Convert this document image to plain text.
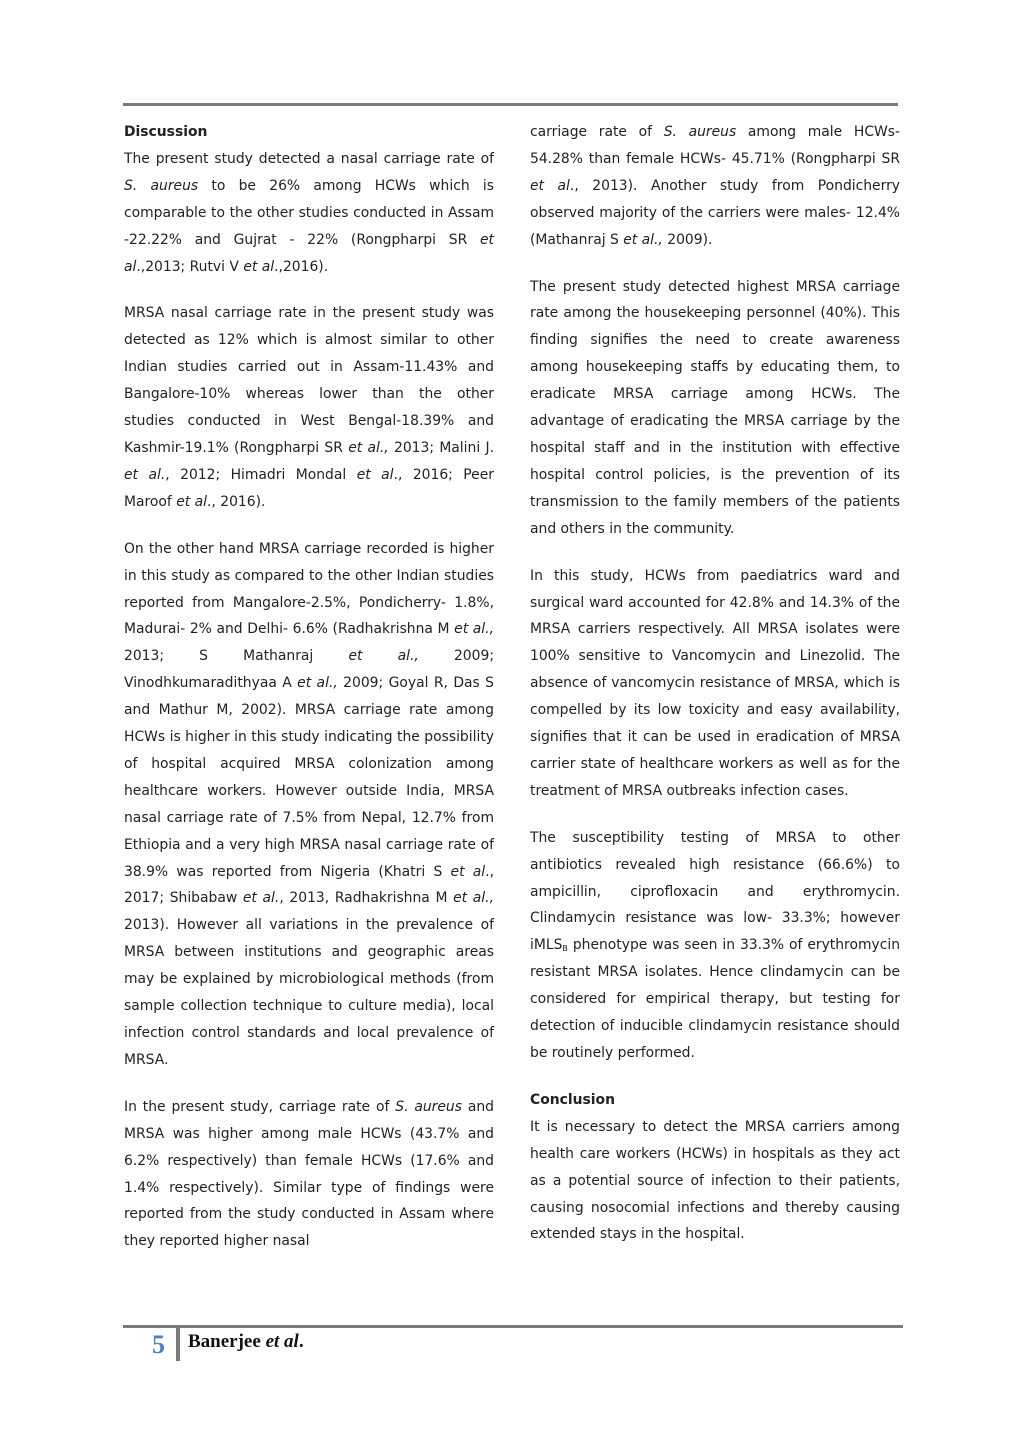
Discussion

The present study detected a nasal carriage rate of S. aureus to be 26% among HCWs which is comparable to the other studies conducted in Assam -22.22% and Gujrat - 22% (Rongpharpi SR et al.,2013; Rutvi V et al.,2016).

MRSA nasal carriage rate in the present study was detected as 12% which is almost similar to other Indian studies carried out in Assam-11.43% and Bangalore-10% whereas lower than the other studies conducted in West Bengal-18.39% and Kashmir-19.1% (Rongpharpi SR et al., 2013; Malini J. et al., 2012; Himadri Mondal et al., 2016; Peer Maroof et al., 2016).

On the other hand MRSA carriage recorded is higher in this study as compared to the other Indian studies reported from Mangalore-2.5%, Pondicherry- 1.8%, Madurai- 2% and Delhi- 6.6% (Radhakrishna M et al., 2013; S Mathanraj et al., 2009; Vinodhkumaradithyaa A et al., 2009; Goyal R, Das S and Mathur M, 2002). MRSA carriage rate among HCWs is higher in this study indicating the possibility of hospital acquired MRSA colonization among healthcare workers. However outside India, MRSA nasal carriage rate of 7.5% from Nepal, 12.7% from Ethiopia and a very high MRSA nasal carriage rate of 38.9% was reported from Nigeria (Khatri S et al., 2017; Shibabaw et al., 2013, Radhakrishna M et al., 2013). However all variations in the prevalence of MRSA between institutions and geographic areas may be explained by microbiological methods (from sample collection technique to culture media), local infection control standards and local prevalence of MRSA.

In the present study, carriage rate of S. aureus and MRSA was higher among male HCWs (43.7% and 6.2% respectively) than female HCWs (17.6% and 1.4% respectively). Similar type of findings were reported from the study conducted in Assam where they reported higher nasal

carriage rate of S. aureus among male HCWs- 54.28% than female HCWs- 45.71% (Rongpharpi SR et al., 2013). Another study from Pondicherry observed majority of the carriers were males- 12.4% (Mathanraj S et al., 2009).

The present study detected highest MRSA carriage rate among the housekeeping personnel (40%). This finding signifies the need to create awareness among housekeeping staffs by educating them, to eradicate MRSA carriage among HCWs. The advantage of eradicating the MRSA carriage by the hospital staff and in the institution with effective hospital control policies, is the prevention of its transmission to the family members of the patients and others in the community.

In this study, HCWs from paediatrics ward and surgical ward accounted for 42.8% and 14.3% of the MRSA carriers respectively. All MRSA isolates were 100% sensitive to Vancomycin and Linezolid. The absence of vancomycin resistance of MRSA, which is compelled by its low toxicity and easy availability, signifies that it can be used in eradication of MRSA carrier state of healthcare workers as well as for the treatment of MRSA outbreaks infection cases.

The susceptibility testing of MRSA to other antibiotics revealed high resistance (66.6%) to ampicillin, ciprofloxacin and erythromycin. Clindamycin resistance was low- 33.3%; however iMLS$_B$ phenotype was seen in 33.3% of erythromycin resistant MRSA isolates. Hence clindamycin can be considered for empirical therapy, but testing for detection of inducible clindamycin resistance should be routinely performed.

Conclusion

It is necessary to detect the MRSA carriers among health care workers (HCWs) in hospitals as they act as a potential source of infection to their patients, causing nosocomial infections and thereby causing extended stays in the hospital.

5 Banerjee et al.
